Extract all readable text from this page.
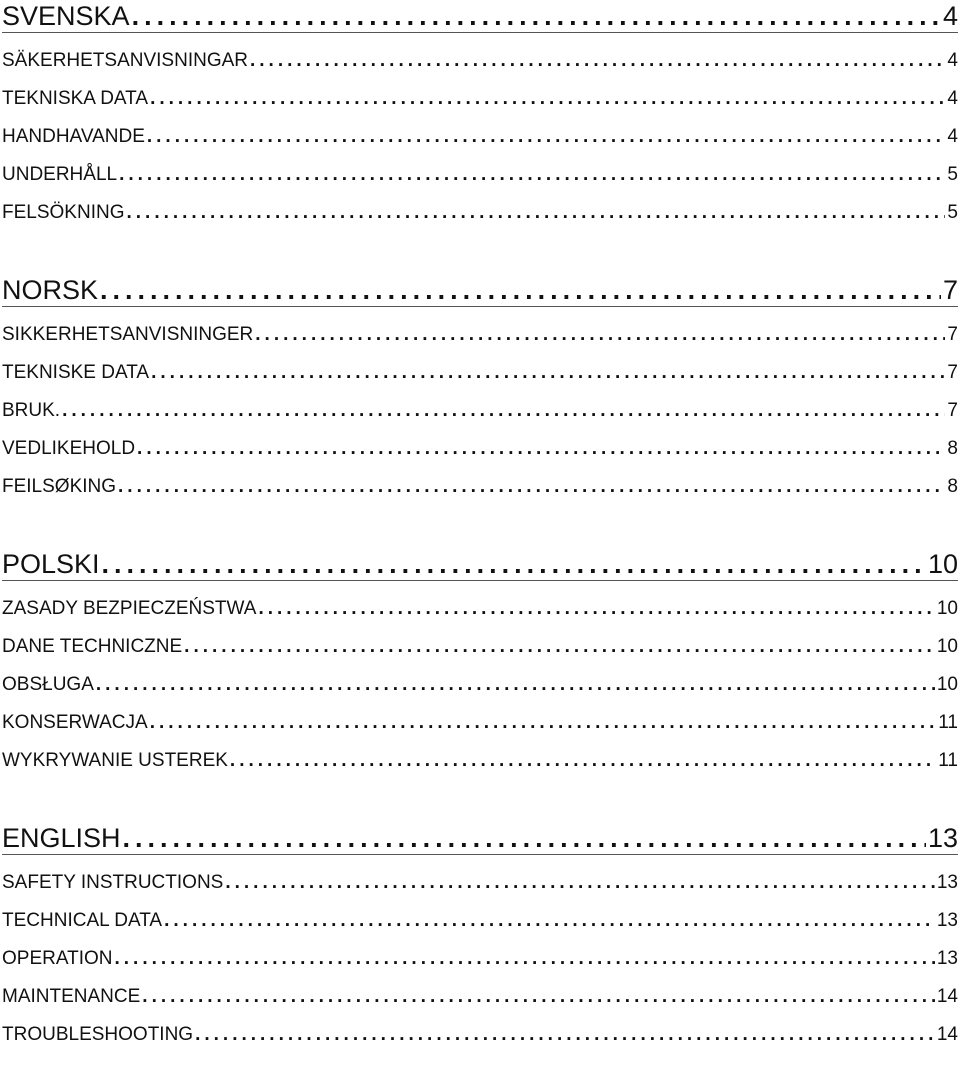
SVENSKA .....	4
SÄKERHETSANVISNINGAR .....	4
TEKNISKA DATA .....	4
HANDHAVANDE .....	4
UNDERHÅLL .....	5
FELSÖKNING .....	5
NORSK .....	7
SIKKERHETSANVISNINGER .....	7
TEKNISKE DATA .....	7
BRUK. .....	7
VEDLIKEHOLD .....	8
FEILSØKING .....	8
POLSKI .....	10
ZASADY BEZPIECZEŃSTWA .....	10
DANE TECHNICZNE .....	10
OBSŁUGA .....	10
KONSERWACJA .....	11
WYKRYWANIE USTEREK .....	11
ENGLISH .....	13
SAFETY INSTRUCTIONS .....	13
TECHNICAL DATA .....	13
OPERATION .....	13
MAINTENANCE .....	14
TROUBLESHOOTING .....	14
